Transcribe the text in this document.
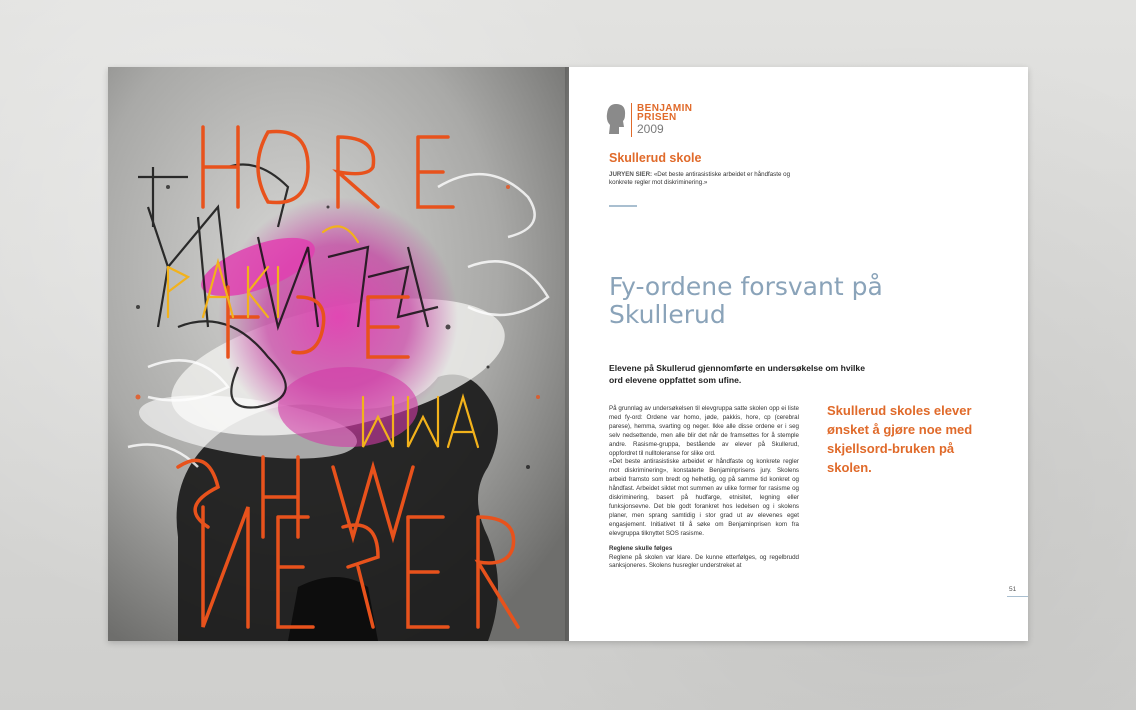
BENJAMIN
PRISEN
2009
Skullerud skole
JURYEN SIER: «Det beste antirasistiske arbeidet er håndfaste og konkrete regler mot diskriminering.»
Fy-ordene forsvant på Skullerud
Elevene på Skullerud gjennomførte en undersøkelse om hvilke ord elevene oppfattet som ufine.

På grunnlag av undersøkelsen til elevgruppa satte skolen opp ei liste med fy-ord: Ordene var homo, jøde, pakkis, hore, cp (cerebral parese), hemma, svarting og neger. Ikke alle disse ordene er i seg selv nedsettende, men alle blir det når de framsettes for å stemple andre. Rasisme-gruppa, bestående av elever på Skullerud, oppfordret til nulltoleranse for slike ord.

«Det beste antirasistiske arbeidet er håndfaste og konkrete regler mot diskriminering», konstaterte Benjaminprisens jury. Skolens arbeid framsto som bredt og helhetlig, og på samme tid konkret og håndfast. Arbeidet siktet mot summen av ulike former for rasisme og diskriminering, basert på hudfarge, etnisitet, legning eller funksjonsevne. Det ble godt forankret hos ledelsen og i skolens planer, men sprang samtidig i stor grad ut av elevenes eget engasjement. Initiativet til å søke om Benjaminprisen kom fra elevgruppa tilknyttet SOS rasisme.

Reglene skulle følges

Reglene på skolen var klare. De kunne etterfølges, og regelbrudd sanksjoneres. Skolens husregler understreket at

Skullerud skoles elever ønsket å gjøre noe med skjellsord-bruken på skolen.
51
